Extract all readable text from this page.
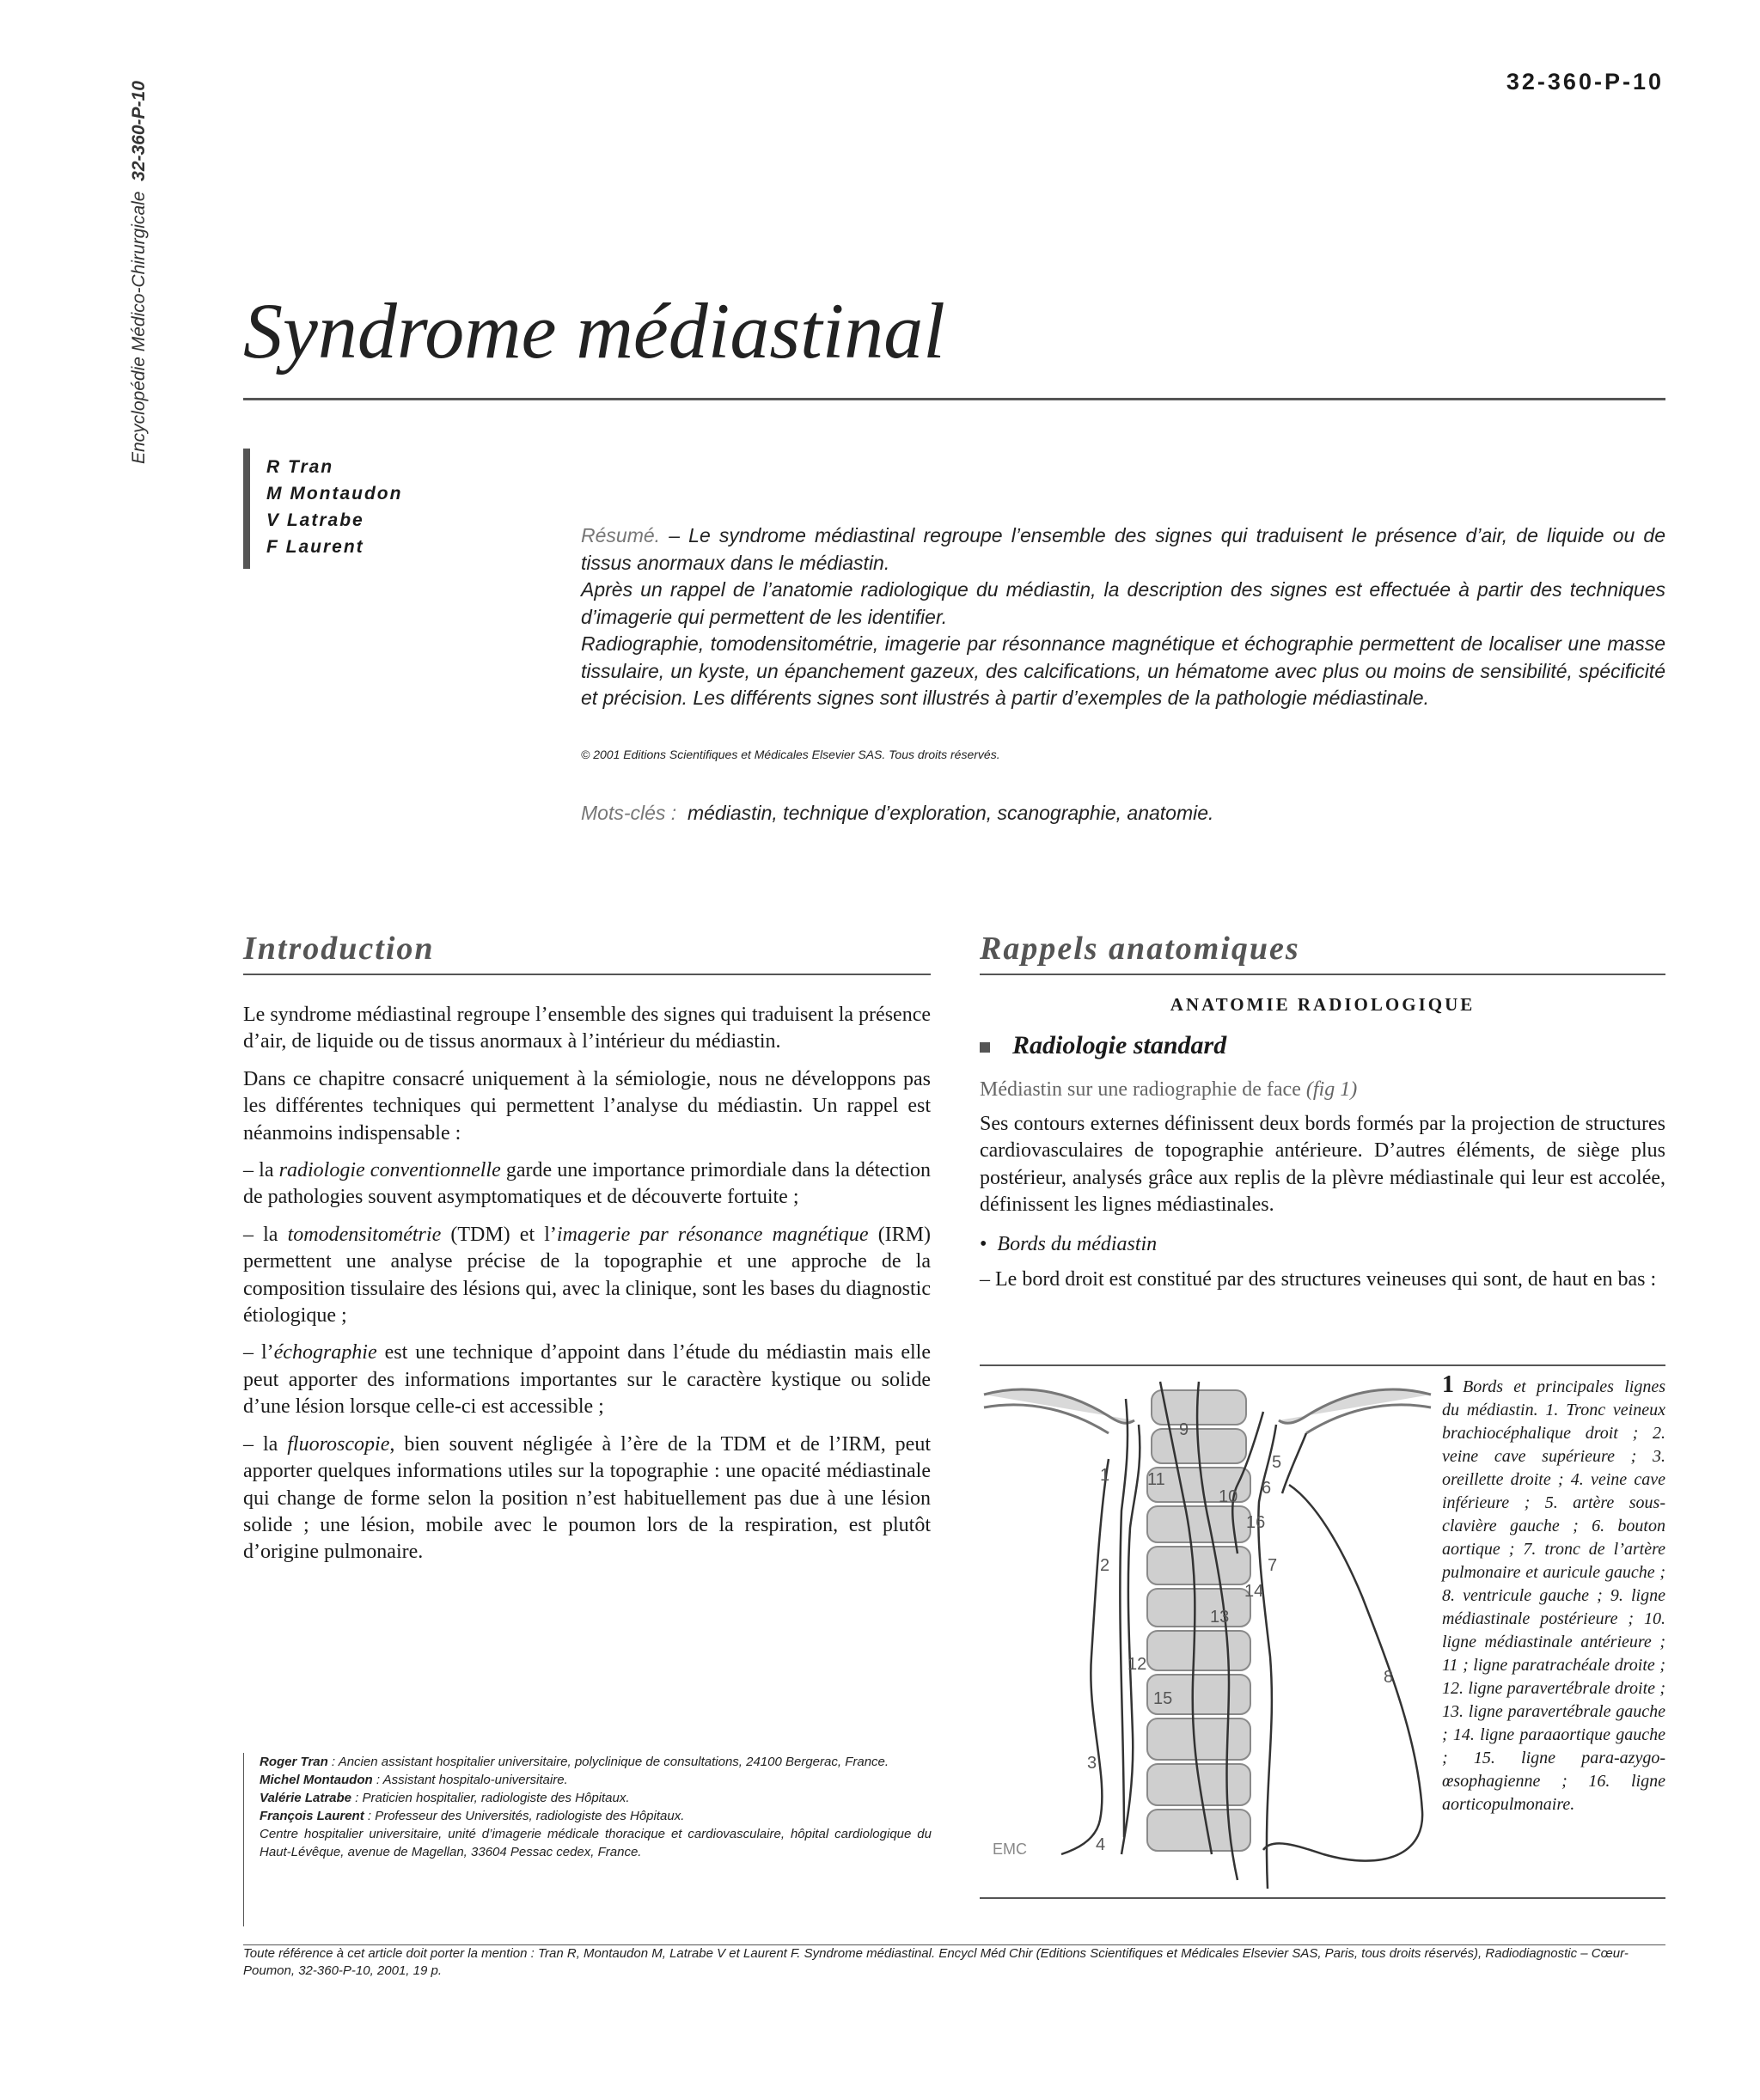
Encyclopédie Médico-Chirurgicale  32-360-P-10	32-360-P-10
Syndrome médiastinal
R Tran
M Montaudon
V Latrabe
F Laurent

Résumé. – Le syndrome médiastinal regroupe l’ensemble des signes qui traduisent le présence d’air, de liquide ou de tissus anormaux dans le médiastin.

Après un rappel de l’anatomie radiologique du médiastin, la description des signes est effectuée à partir des techniques d’imagerie qui permettent de les identifier.

Radiographie, tomodensitométrie, imagerie par résonnance magnétique et échographie permettent de localiser une masse tissulaire, un kyste, un épanchement gazeux, des calcifications, un hématome avec plus ou moins de sensibilité, spécificité et précision. Les différents signes sont illustrés à partir d’exemples de la pathologie médiastinale.

© 2001 Editions Scientifiques et Médicales Elsevier SAS. Tous droits réservés.
Mots-clés : médiastin, technique d’exploration, scanographie, anatomie.
Introduction

Le syndrome médiastinal regroupe l’ensemble des signes qui traduisent la présence d’air, de liquide ou de tissus anormaux à l’intérieur du médiastin.

Dans ce chapitre consacré uniquement à la sémiologie, nous ne développons pas les différentes techniques qui permettent l’analyse du médiastin. Un rappel est néanmoins indispensable :

– la radiologie conventionnelle garde une importance primordiale dans la détection de pathologies souvent asymptomatiques et de découverte fortuite ;

– la tomodensitométrie (TDM) et l’imagerie par résonance magnétique (IRM) permettent une analyse précise de la topographie et une approche de la composition tissulaire des lésions qui, avec la clinique, sont les bases du diagnostic étiologique ;

– l’échographie est une technique d’appoint dans l’étude du médiastin mais elle peut apporter des informations importantes sur le caractère kystique ou solide d’une lésion lorsque celle-ci est accessible ;

– la fluoroscopie, bien souvent négligée à l’ère de la TDM et de l’IRM, peut apporter quelques informations utiles sur la topographie : une opacité médiastinale qui change de forme selon la position n’est habituellement pas due à une lésion solide ; une lésion, mobile avec le poumon lors de la respiration, est plutôt d’origine pulmonaire.

Roger Tran : Ancien assistant hospitalier universitaire, polyclinique de consultations, 24100 Bergerac, France.

Michel Montaudon : Assistant hospitalo-universitaire.

Valérie Latrabe : Praticien hospitalier, radiologiste des Hôpitaux.

François Laurent : Professeur des Universités, radiologiste des Hôpitaux.

Centre hospitalier universitaire, unité d’imagerie médicale thoracique et cardiovasculaire, hôpital cardiologique du Haut-Lévêque, avenue de Magellan, 33604 Pessac cedex, France.

Rappels anatomiques
ANATOMIE RADIOLOGIQUE
Radiologie standard
Médiastin sur une radiographie de face (fig 1)

Ses contours externes définissent deux bords formés par la projection de structures cardiovasculaires de topographie antérieure. D’autres éléments, de siège plus postérieur, analysés grâce aux replis de la plèvre médiastinale qui leur est accolée, définissent les lignes médiastinales.

• Bords du médiastin

– Le bord droit est constitué par des structures veineuses qui sont, de haut en bas :

1
2
3
4
5
6
7
8
9
10
11
12
13
14
15
16
EMC
1 Bords et principales lignes du médiastin. 1. Tronc veineux brachiocéphalique droit ; 2. veine cave supérieure ; 3. oreillette droite ; 4. veine cave inférieure ; 5. artère sous-clavière gauche ; 6. bouton aortique ; 7. tronc de l’artère pulmonaire et auricule gauche ; 8. ventricule gauche ; 9. ligne médiastinale postérieure ; 10. ligne médiastinale antérieure ; 11 ; ligne paratrachéale droite ; 12. ligne paravertébrale droite ; 13. ligne paravertébrale gauche ; 14. ligne paraaortique gauche ; 15. ligne para-azygo-œsophagienne ; 16. ligne aorticopulmonaire.
Toute référence à cet article doit porter la mention : Tran R, Montaudon M, Latrabe V et Laurent F. Syndrome médiastinal. Encycl Méd Chir (Editions Scientifiques et Médicales Elsevier SAS, Paris, tous droits réservés), Radiodiagnostic – Cœur-Poumon, 32-360-P-10, 2001, 19 p.
